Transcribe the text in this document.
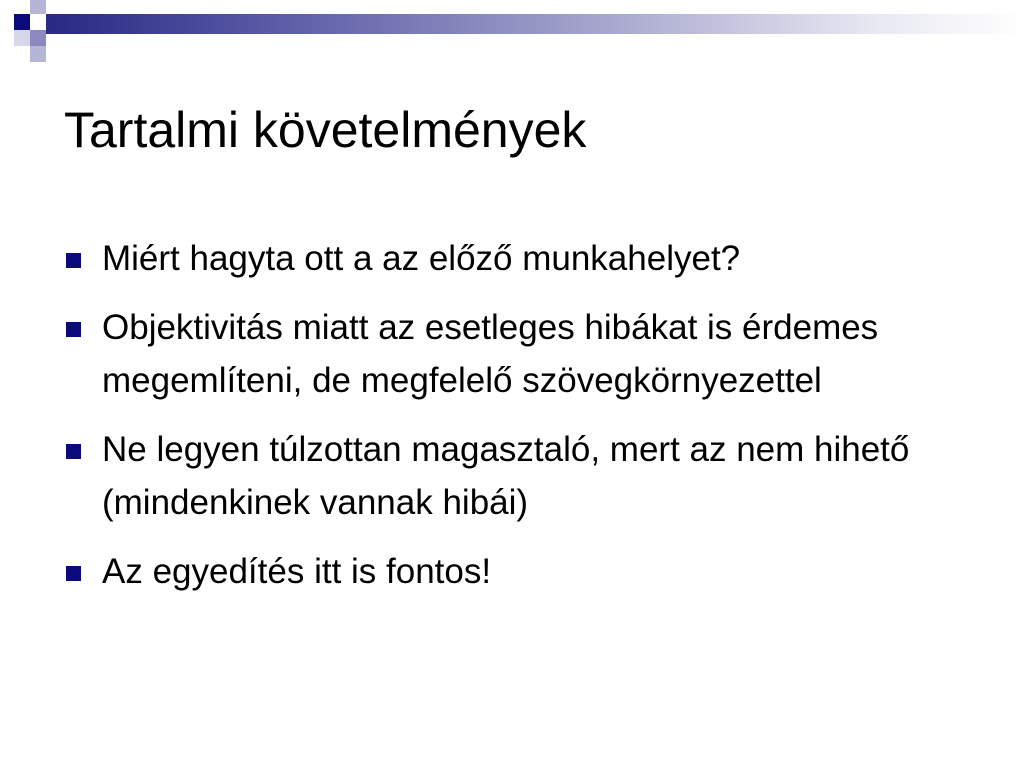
Tartalmi követelmények
Miért hagyta ott a az előző munkahelyet?
Objektivitás miatt az esetleges hibákat is érdemes megemlíteni, de megfelelő szövegkörnyezettel
Ne legyen túlzottan magasztaló, mert az nem hihető (mindenkinek vannak hibái)
Az egyedítés itt is fontos!
